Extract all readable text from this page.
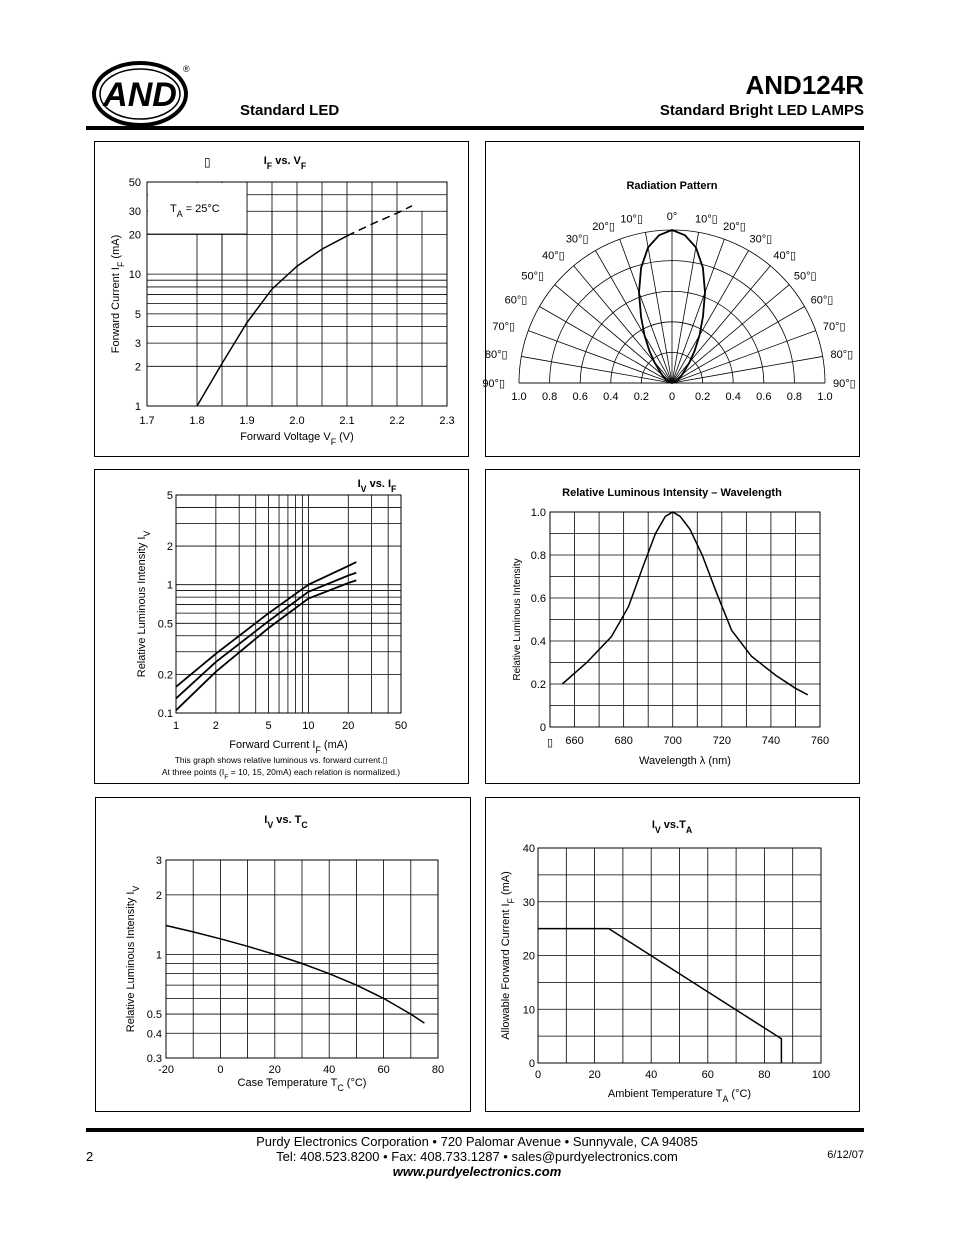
AND
®
AND124R
Standard LED	Standard Bright LED LAMPS
$T_A = 25^\circ C$
▯	$I_F$ vs. $V_F$
1.7	1.8	1.9	2.0	2.1	2.2	2.3
1
2
3
5
10
20
30
50
Forward Voltage $V_F$ (V)
Forward Current $I_F$ (mA)
Radiation Pattern
0°
10°▯
20°▯
30°▯
40°▯
50°▯
60°▯
70°▯
80°▯
90°▯
10°▯
20°▯
30°▯
40°▯
50°▯
60°▯
70°▯
80°▯
90°▯
1.0 0.8 0.6 0.4 0.2 0 0.2 0.4 0.6 0.8 1.0
$I_V$ vs. $I_F$
1	2	5	10	20	50
0.1
0.2
0.5
1
2
5
Forward Current $I_F$ (mA)
Relative Luminous Intensity $I_V$
This graph shows relative luminous vs. forward current.▯
At three points ($I_F = 10$, 15, 20mA) each relation is normalized.)
Relative Luminous Intensity – Wavelength
▯ 660	680	700	720	740	760
0
0.2
0.4
0.6
0.8
1.0
Wavelength λ (nm)
Relative Luminous Intensity
$I_V$ vs. $T_C$
-20	0	20	40	60	80
0.3
0.4
0.5
1
2
3
Case Temperature $T_C$ (°C)
Relative Luminous Intensity $I_V$
$I_V$ $vs.T_A$
0	20	40	60	80	100
0
10
20
30
40
Ambient Temperature $T_A$ (°C)
Allowable Forward Current $I_F$ (mA)
2
Purdy Electronics Corporation • 720 Palomar Avenue • Sunnyvale, CA 94085
Tel: 408.523.8200 • Fax: 408.733.1287 • sales@purdyelectronics.com
www.purdyelectronics.com
6/12/07
